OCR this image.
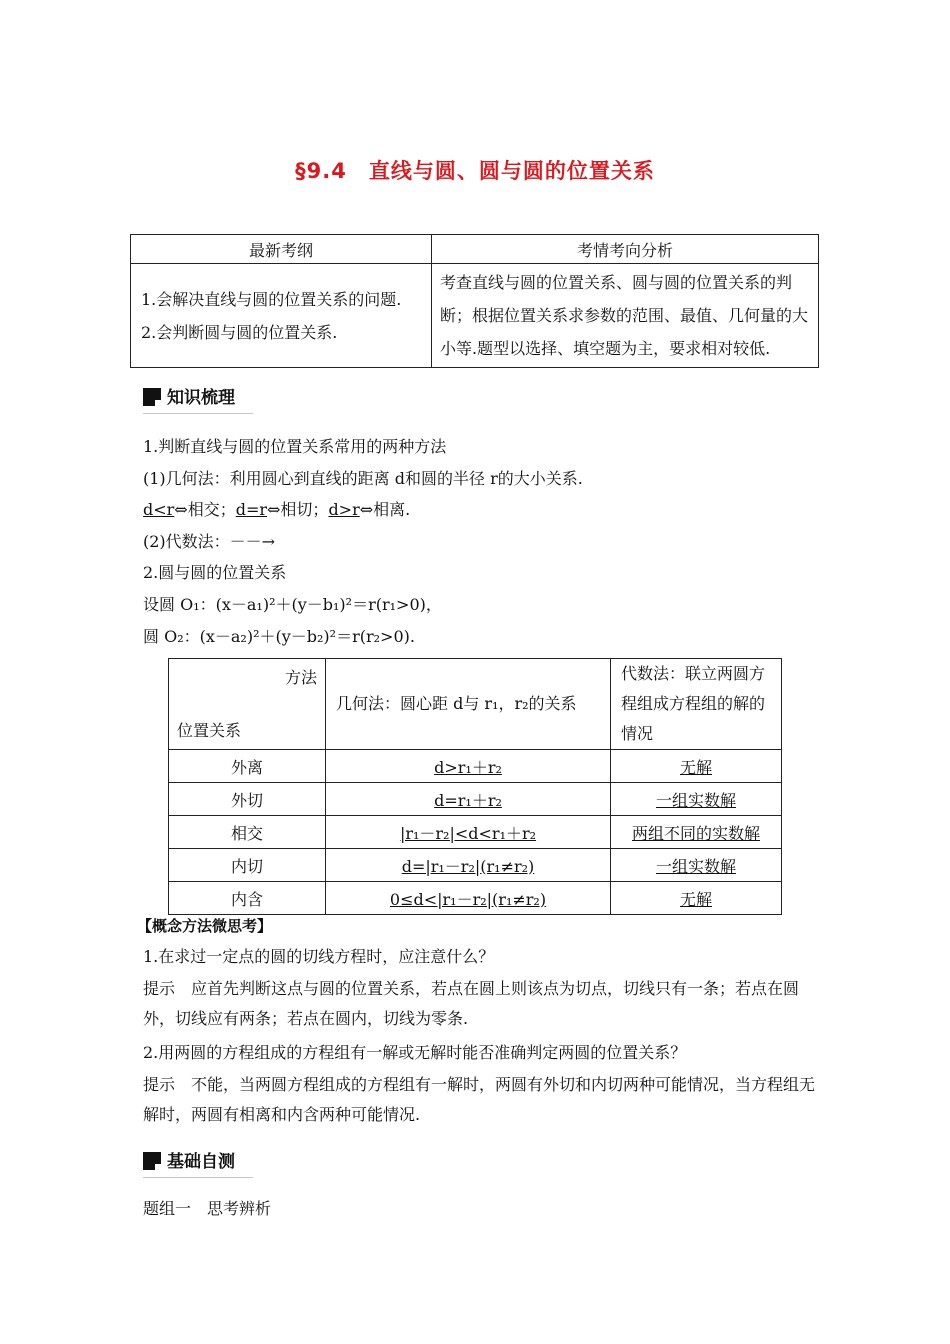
§9.4　直线与圆、圆与圆的位置关系
最新考纲	考情考向分析

1.会解决直线与圆的位置关系的问题.
2.会判断圆与圆的位置关系.	考查直线与圆的位置关系、圆与圆的位置关系的判断；根据位置关系求参数的范围、最值、几何量的大小等.题型以选择、填空题为主，要求相对较低.
知识梳理
1.判断直线与圆的位置关系常用的两种方法
(1)几何法：利用圆心到直线的距离 d和圆的半径 r的大小关系.
d<r⇔相交；d=r⇔相切；d>r⇔相离.
(2)代数法：－－→
2.圆与圆的位置关系
设圆 O₁：(x－a₁)²＋(y－b₁)²＝r(r₁>0)，
圆 O₂：(x－a₂)²＋(y－b₂)²＝r(r₂>0).
方法
位置关系	几何法：圆心距 d与 r₁，r₂的关系	代数法：联立两圆方程组成方程组的解的情况
外离	d>r₁＋r₂	无解
外切	d=r₁＋r₂	一组实数解
相交	|r₁－r₂|<d<r₁＋r₂	两组不同的实数解
内切	d=|r₁－r₂|(r₁≠r₂)	一组实数解
内含	0≤d<|r₁－r₂|(r₁≠r₂)	无解
【概念方法微思考】
1.在求过一定点的圆的切线方程时，应注意什么？
提示　应首先判断这点与圆的位置关系，若点在圆上则该点为切点，切线只有一条；若点在圆外，切线应有两条；若点在圆内，切线为零条.
2.用两圆的方程组成的方程组有一解或无解时能否准确判定两圆的位置关系？
提示　不能，当两圆方程组成的方程组有一解时，两圆有外切和内切两种可能情况，当方程组无解时，两圆有相离和内含两种可能情况.
基础自测
题组一　思考辨析
